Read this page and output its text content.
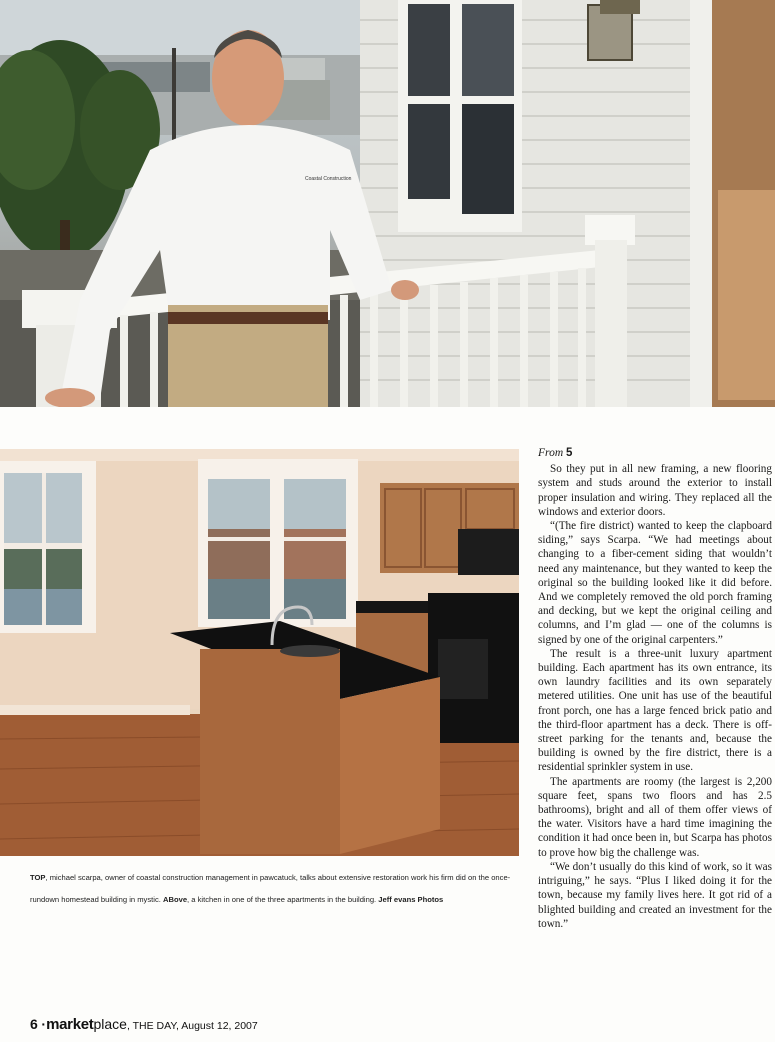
Coastal Construction
TOP, michael scarpa, owner of coastal construction management in pawcatuck, talks about extensive restoration work his firm did on the once-rundown homestead building in mystic. ABove, a kitchen in one of the three apartments in the building. Jeff evans Photos
From 5

So they put in all new framing, a new flooring system and studs around the exterior to install proper insulation and wiring. They replaced all the windows and exterior doors.

“(The fire district) wanted to keep the clapboard siding,” says Scarpa. “We had meetings about changing to a fiber-cement siding that wouldn’t need any maintenance, but they wanted to keep the original so the building looked like it did before. And we completely removed the old porch framing and decking, but we kept the original ceiling and columns, and I’m glad — one of the columns is signed by one of the original carpenters.”

The result is a three-unit luxury apartment building. Each apartment has its own entrance, its own laundry facilities and its own separately metered utilities. One unit has use of the beautiful front porch, one has a large fenced brick patio and the third-floor apartment has a deck. There is off-street parking for the tenants and, because the building is owned by the fire district, there is a residential sprinkler system in use.

The apartments are roomy (the largest is 2,200 square feet, spans two floors and has 2.5 bathrooms), bright and all of them offer views of the water. Visitors have a hard time imagining the condition it had once been in, but Scarpa has photos to prove how big the challenge was.

“We don’t usually do this kind of work, so it was intriguing,” he says. “Plus I liked doing it for the town, because my family lives here. It got rid of a blighted building and created an investment for the town.”

6 ·marketplace, THE DAY, August 12, 2007
